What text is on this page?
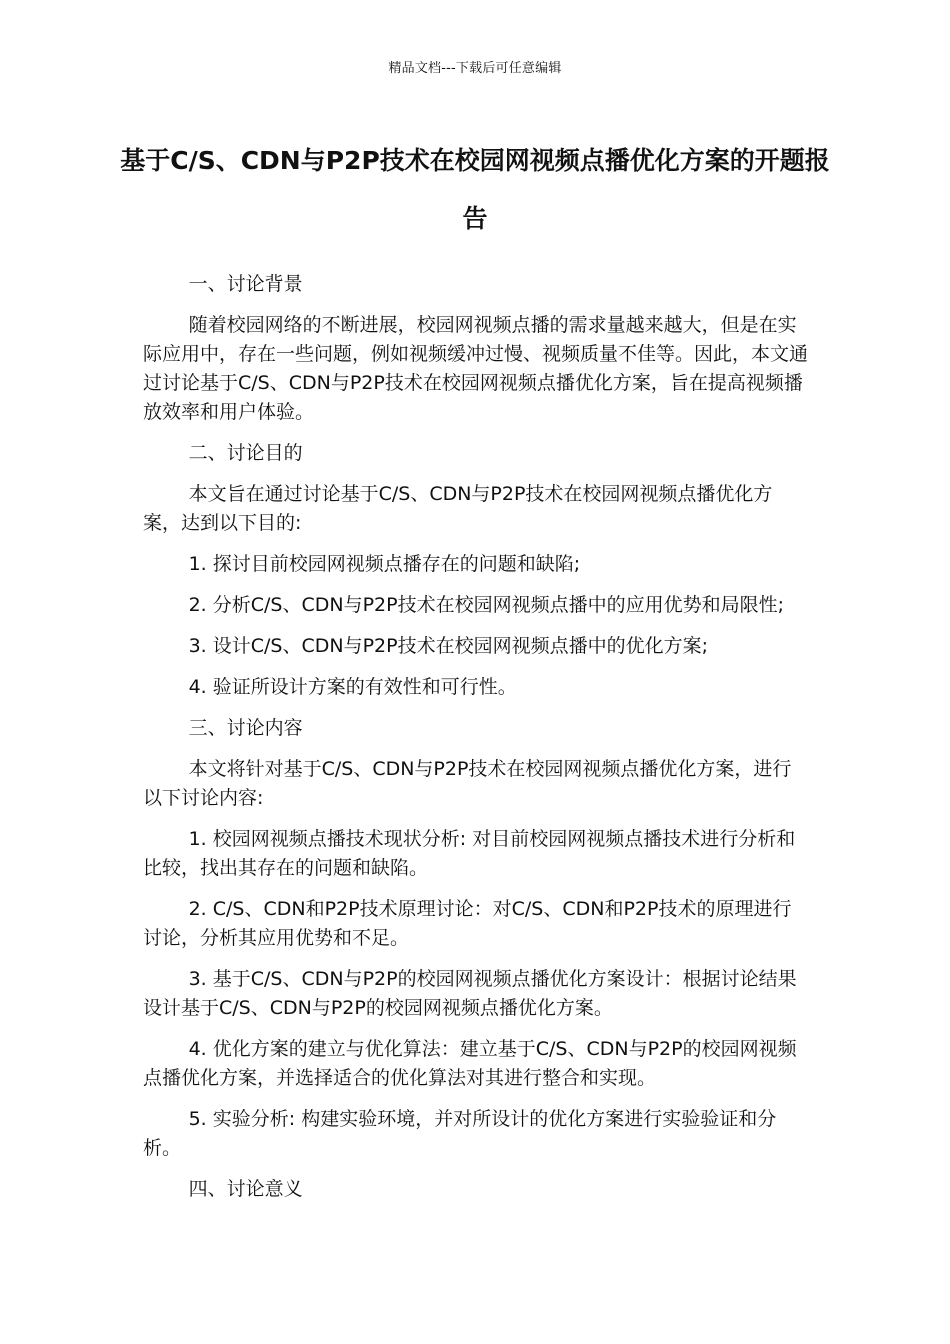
精品文档---下载后可任意编辑
基于C/S、CDN与P2P技术在校园网视频点播优化方案的开题报告

一、讨论背景

随着校园网络的不断进展，校园网视频点播的需求量越来越大，但是在实际应用中，存在一些问题，例如视频缓冲过慢、视频质量不佳等。因此，本文通过讨论基于C/S、CDN与P2P技术在校园网视频点播优化方案，旨在提高视频播放效率和用户体验。

二、讨论目的

本文旨在通过讨论基于C/S、CDN与P2P技术在校园网视频点播优化方案，达到以下目的:

1. 探讨目前校园网视频点播存在的问题和缺陷;

2. 分析C/S、CDN与P2P技术在校园网视频点播中的应用优势和局限性;

3. 设计C/S、CDN与P2P技术在校园网视频点播中的优化方案;

4. 验证所设计方案的有效性和可行性。

三、讨论内容

本文将针对基于C/S、CDN与P2P技术在校园网视频点播优化方案，进行以下讨论内容:

1. 校园网视频点播技术现状分析: 对目前校园网视频点播技术进行分析和比较，找出其存在的问题和缺陷。

2. C/S、CDN和P2P技术原理讨论：对C/S、CDN和P2P技术的原理进行讨论，分析其应用优势和不足。

3. 基于C/S、CDN与P2P的校园网视频点播优化方案设计：根据讨论结果设计基于C/S、CDN与P2P的校园网视频点播优化方案。

4. 优化方案的建立与优化算法：建立基于C/S、CDN与P2P的校园网视频点播优化方案，并选择适合的优化算法对其进行整合和实现。

5. 实验分析: 构建实验环境，并对所设计的优化方案进行实验验证和分析。

四、讨论意义
